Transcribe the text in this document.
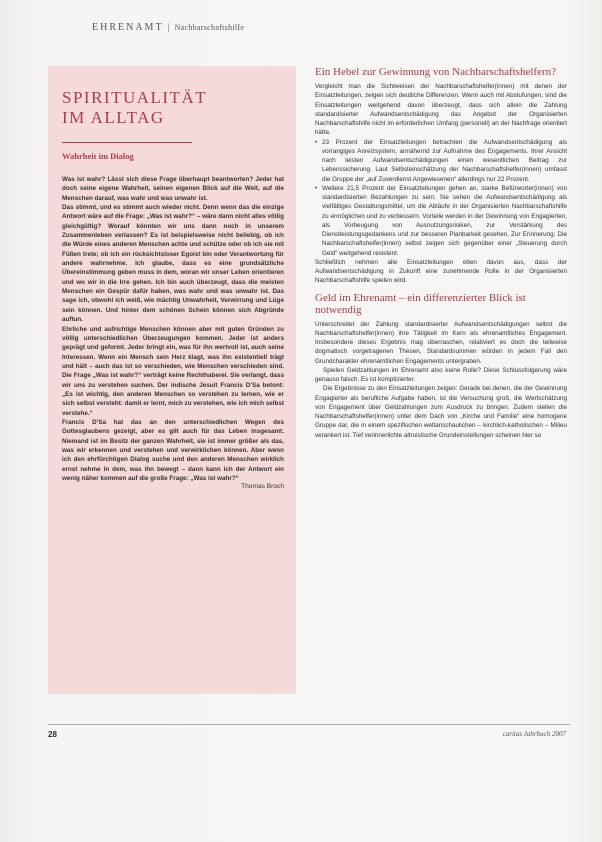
EHRENAMT | Nachbarschaftshilfe
SPIRITUALITÄT
IM ALLTAG
Wahrheit im Dialog

Was ist wahr? Lässt sich diese Frage überhaupt beantworten? Jeder hat doch seine eigene Wahrheit, seinen eigenen Blick auf die Welt, auf die Menschen darauf, was wahr und was unwahr ist.

Das stimmt, und es stimmt auch wieder nicht. Denn wenn das die einzige Antwort wäre auf die Frage: „Was ist wahr?“ – wäre dann nicht alles völlig gleichgültig? Worauf könnten wir uns dann noch in unserem Zusammenleben verlassen? Es ist beispielsweise nicht beliebig, ob ich die Würde eines anderen Menschen achte und schütze oder ob ich sie mit Füßen trete; ob ich ein rücksichtsloser Egoist bin oder Verantwortung für andere wahrnehme. Ich glaube, dass es eine grundsätzliche Übereinstimmung geben muss in dem, woran wir unser Leben orientieren und wo wir in die Irre gehen. Ich bin auch überzeugt, dass die meisten Menschen ein Gespür dafür haben, was wahr und was unwahr ist. Das sage ich, obwohl ich weiß, wie mächtig Unwahrheit, Verwirrung und Lüge sein können. Und hinter dem schönen Schein können sich Abgründe auftun.

Ehrliche und aufrichtige Menschen können aber mit guten Gründen zu völlig unterschiedlichen Überzeugungen kommen. Jeder ist anders geprägt und geformt. Jeder bringt ein, was für ihn wertvoll ist, auch seine Interessen. Wenn ein Mensch sein Herz klagt, was ihn existentiell trägt und hält – auch das ist so verschieden, wie Menschen verschieden sind. Die Frage „Was ist wahr?“ verträgt keine Rechthaberei. Sie verlangt, dass wir uns zu verstehen suchen. Der indische Jesuit Francis D’Sa betont: „Es ist wichtig, den anderen Menschen so verstehen zu lernen, wie er sich selbst versteht: damit er lernt, mich zu verstehen, wie ich mich selbst verstehe.“

Francis D’Sa hat das an den unterschiedlichen Wegen des Gottesglaubens gezeigt, aber es gilt auch für das Leben insgesamt. Niemand ist im Besitz der ganzen Wahrheit, sie ist immer größer als das, was wir erkennen und verstehen und verwirklichen können. Aber wenn ich den ehrfürchtigen Dialog suche und den anderen Menschen wirklich ernst nehme in dem, was ihn bewegt – dann kann ich der Antwort ein wenig näher kommen auf die große Frage: „Was ist wahr?“

Thomas Broch
Ein Hebel zur Gewinnung von Nachbarschaftshelfern?

Vergleicht man die Sichtweisen der Nachbarschaftshelfer(innen) mit denen der Einsatzleitungen, zeigen sich deutliche Differenzen. Wenn auch mit Abstufungen, sind die Einsatzleitungen weitgehend davon überzeugt, dass sich allein die Zahlung standardisierter Aufwandsentschädigung das Angebot der Organisierten Nachbarschaftshilfe nicht im erforderlichen Umfang (personell) an der Nachfrage orientiert hätte.

• 23 Prozent der Einsatzleitungen betrachten die Aufwandsentschädigung als vorrangiges Anreizsystem, annähernd zur Aufnahme des Engagements. Ihrer Ansicht nach leisten Aufwandsentschädigungen einen wesentlichen Beitrag zur Lebenssicherung. Laut Selbsteinschätzung der Nachbarschaftshelfer(innen) umfasst die Gruppe der „auf Zuverdienst Angewiesenen“ allerdings nur 22 Prozent.
• Weitere 21,5 Prozent der Einsatzleitungen gehen an, starke Befürworter(innen) von standardisierten Bezahlungen zu sein. Sie sehen die Aufwandsentschädigung als vielfältiges Gestaltungsmittel, um die Abläufe in der Organisierten Nachbarschaftshilfe zu ermöglichen und zu verbessern. Vorteile werden in der Gewinnung von Engagierten, als Vorbeugung von Ausnutzungsrisiken, zur Verstärkung des Dienstleistungsgedankens und zur besseren Planbarkeit gesehen. Zur Erinnerung: Die Nachbarschaftshelfer(innen) selbst zeigen sich gegenüber einer „Steuerung durch Geld“ weitgehend resistent.

Schließlich nehmen alle Einsatzleitungen eben davon aus, dass der Aufwandsentschädigung in Zukunft eine zunehmende Rolle in der Organisierten Nachbarschaftshilfe spielen wird.

Geld im Ehrenamt – ein differenzierter Blick ist notwendig

Unterschreitet der Zahlung standardisierter Aufwandsentschädigungen selbst die Nachbarschaftshelfer(innen) ihre Tätigkeit im Kern als ehrenamtliches Engagement. Insbesondere dieses Ergebnis mag überraschen, relativiert es doch die teilweise dogmatisch vorgetragenen Thesen, Standardsummen würden in jedem Fall den Grundcharakter ehrenamtlichen Engagements untergraben.

Spielen Geldzahlungen im Ehrenamt also keine Rolle? Diese Schlussfolgerung wäre genauso falsch. Es ist komplizierter.

Die Ergebnisse zu den Einsatzleitungen zeigen: Gerade bei denen, die der Gewinnung Engagierter als berufliche Aufgabe haben, ist die Versuchung groß, die Wertschätzung von Engagement über Geldzahlungen zum Ausdruck zu bringen. Zudem stellen die Nachbarschaftshelfer(innen) unter dem Dach von „Kirche und Familie“ eine homogene Gruppe dar, die in einem spezifischen weltanschaulichen – kirchlich-katholischen – Milieu verankert ist. Tief verinnerlichte altruistische Grundeinstellungen scheinen hier so

28	caritas Jahrbuch 2007
